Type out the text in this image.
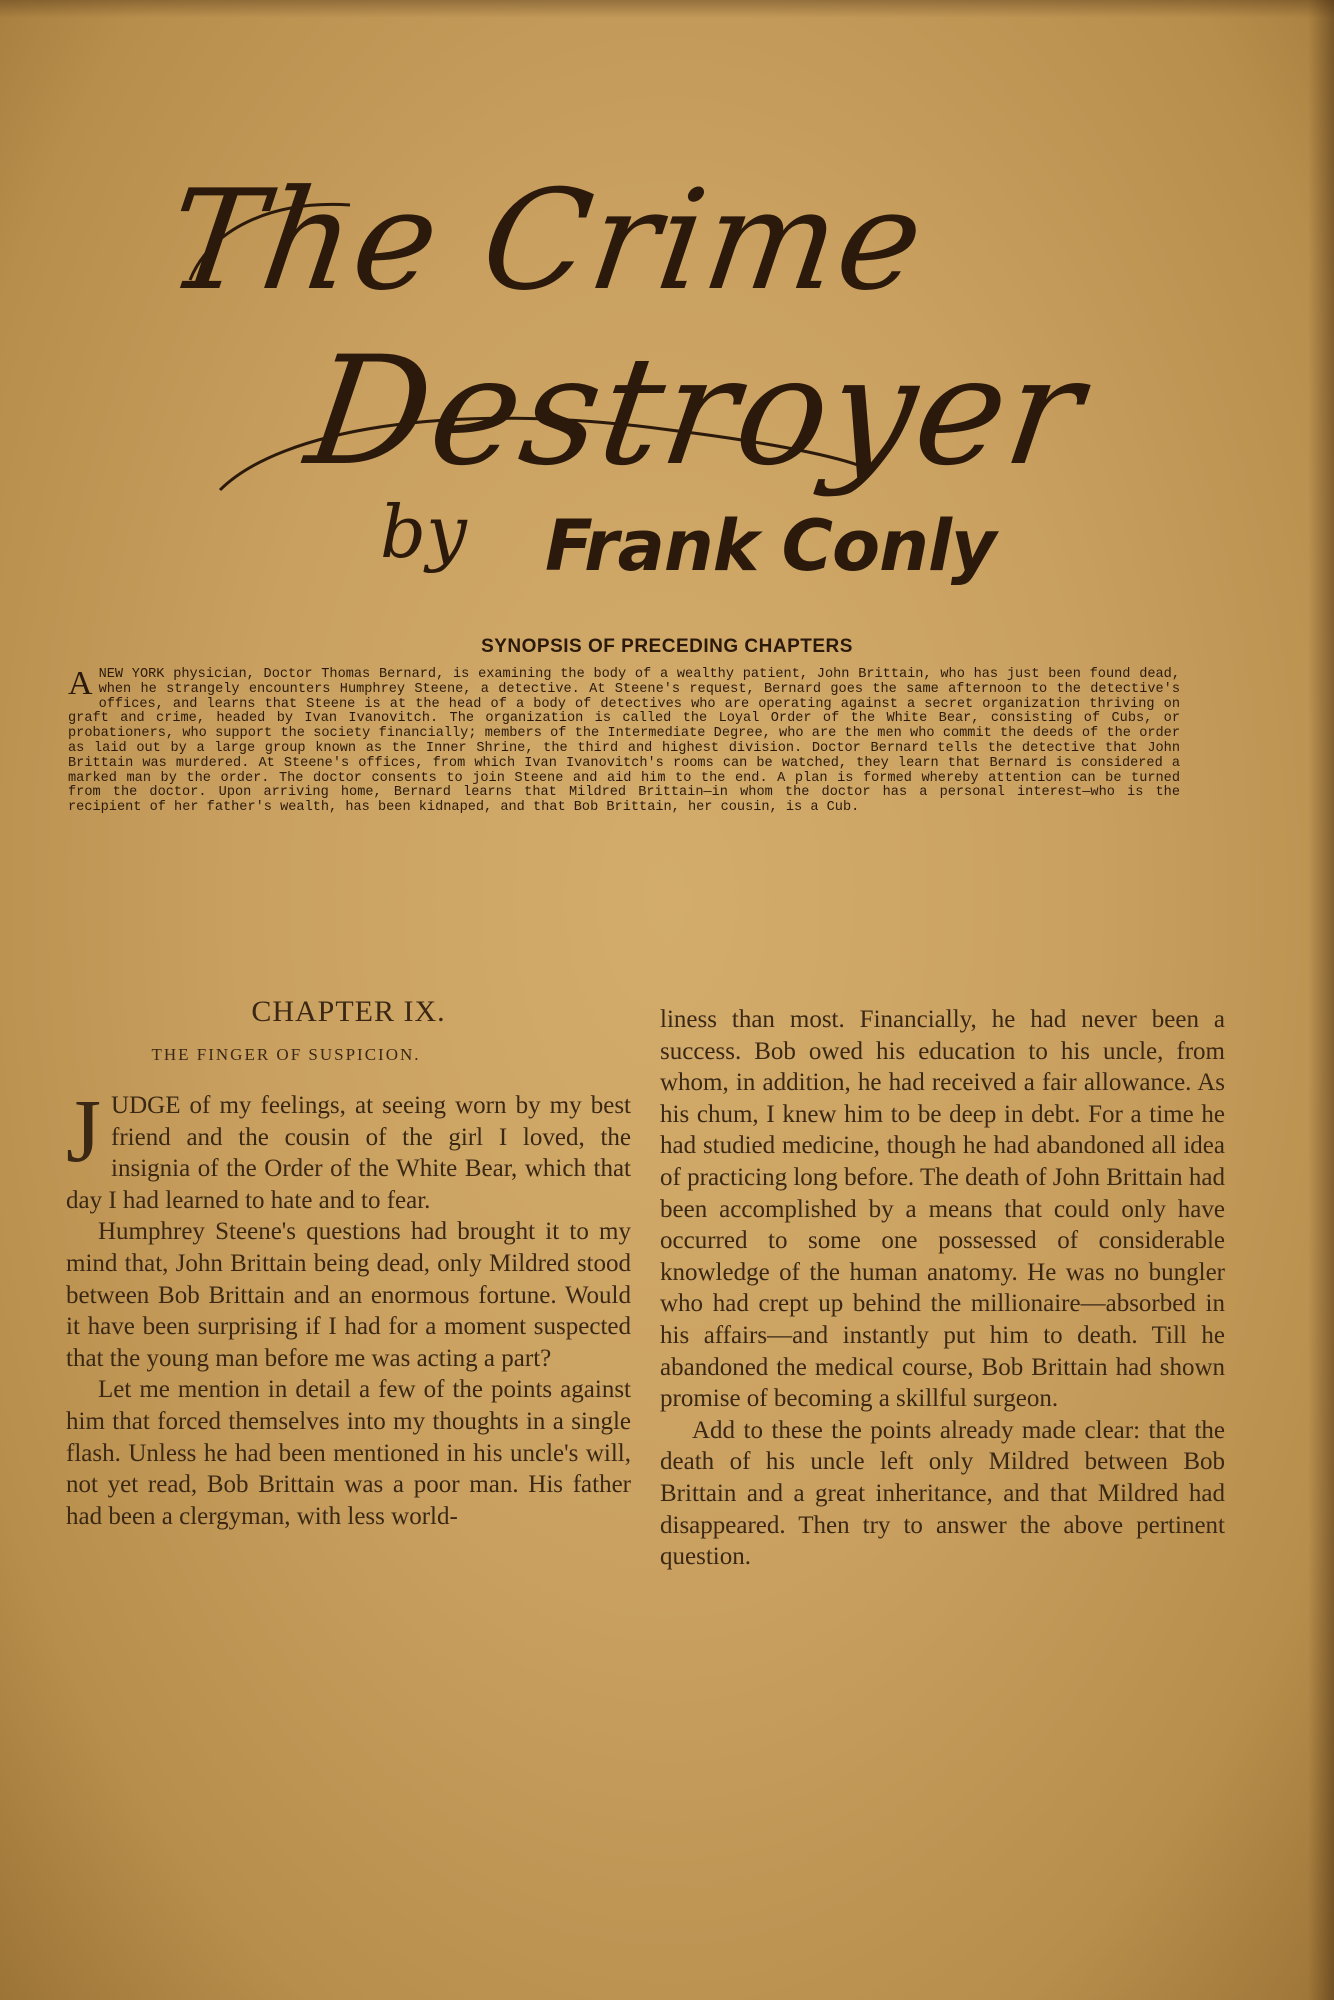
The Crime
Destroyer
by Frank Conly
SYNOPSIS OF PRECEDING CHAPTERS
ANEW YORK physician, Doctor Thomas Bernard, is examining the body of a wealthy patient, John Brittain, who has just been found dead, when he strangely encounters Humphrey Steene, a detective. At Steene's request, Bernard goes the same afternoon to the detective's offices, and learns that Steene is at the head of a body of detectives who are operating against a secret organization thriving on graft and crime, headed by Ivan Ivanovitch. The organization is called the Loyal Order of the White Bear, consisting of Cubs, or probationers, who support the society financially; members of the Intermediate Degree, who are the men who commit the deeds of the order as laid out by a large group known as the Inner Shrine, the third and highest division. Doctor Bernard tells the detective that John Brittain was murdered. At Steene's offices, from which Ivan Ivanovitch's rooms can be watched, they learn that Bernard is considered a marked man by the order. The doctor consents to join Steene and aid him to the end. A plan is formed whereby attention can be turned from the doctor. Upon arriving home, Bernard learns that Mildred Brittain—in whom the doctor has a personal interest—who is the recipient of her father's wealth, has been kidnaped, and that Bob Brittain, her cousin, is a Cub.
CHAPTER IX.
THE FINGER OF SUSPICION.

JUDGE of my feelings, at seeing worn by my best friend and the cousin of the girl I loved, the insignia of the Order of the White Bear, which that day I had learned to hate and to fear.

Humphrey Steene's questions had brought it to my mind that, John Brittain being dead, only Mildred stood between Bob Brittain and an enormous fortune. Would it have been surprising if I had for a moment suspected that the young man before me was acting a part?

Let me mention in detail a few of the points against him that forced themselves into my thoughts in a single flash. Unless he had been mentioned in his uncle's will, not yet read, Bob Brittain was a poor man. His father had been a clergyman, with less world-

liness than most. Financially, he had never been a success. Bob owed his education to his uncle, from whom, in addition, he had received a fair allowance. As his chum, I knew him to be deep in debt. For a time he had studied medicine, though he had abandoned all idea of practicing long before. The death of John Brittain had been accomplished by a means that could only have occurred to some one possessed of considerable knowledge of the human anatomy. He was no bungler who had crept up behind the millionaire—absorbed in his affairs—and instantly put him to death. Till he abandoned the medical course, Bob Brittain had shown promise of becoming a skillful surgeon.

Add to these the points already made clear: that the death of his uncle left only Mildred between Bob Brittain and a great inheritance, and that Mildred had disappeared. Then try to answer the above pertinent question.
